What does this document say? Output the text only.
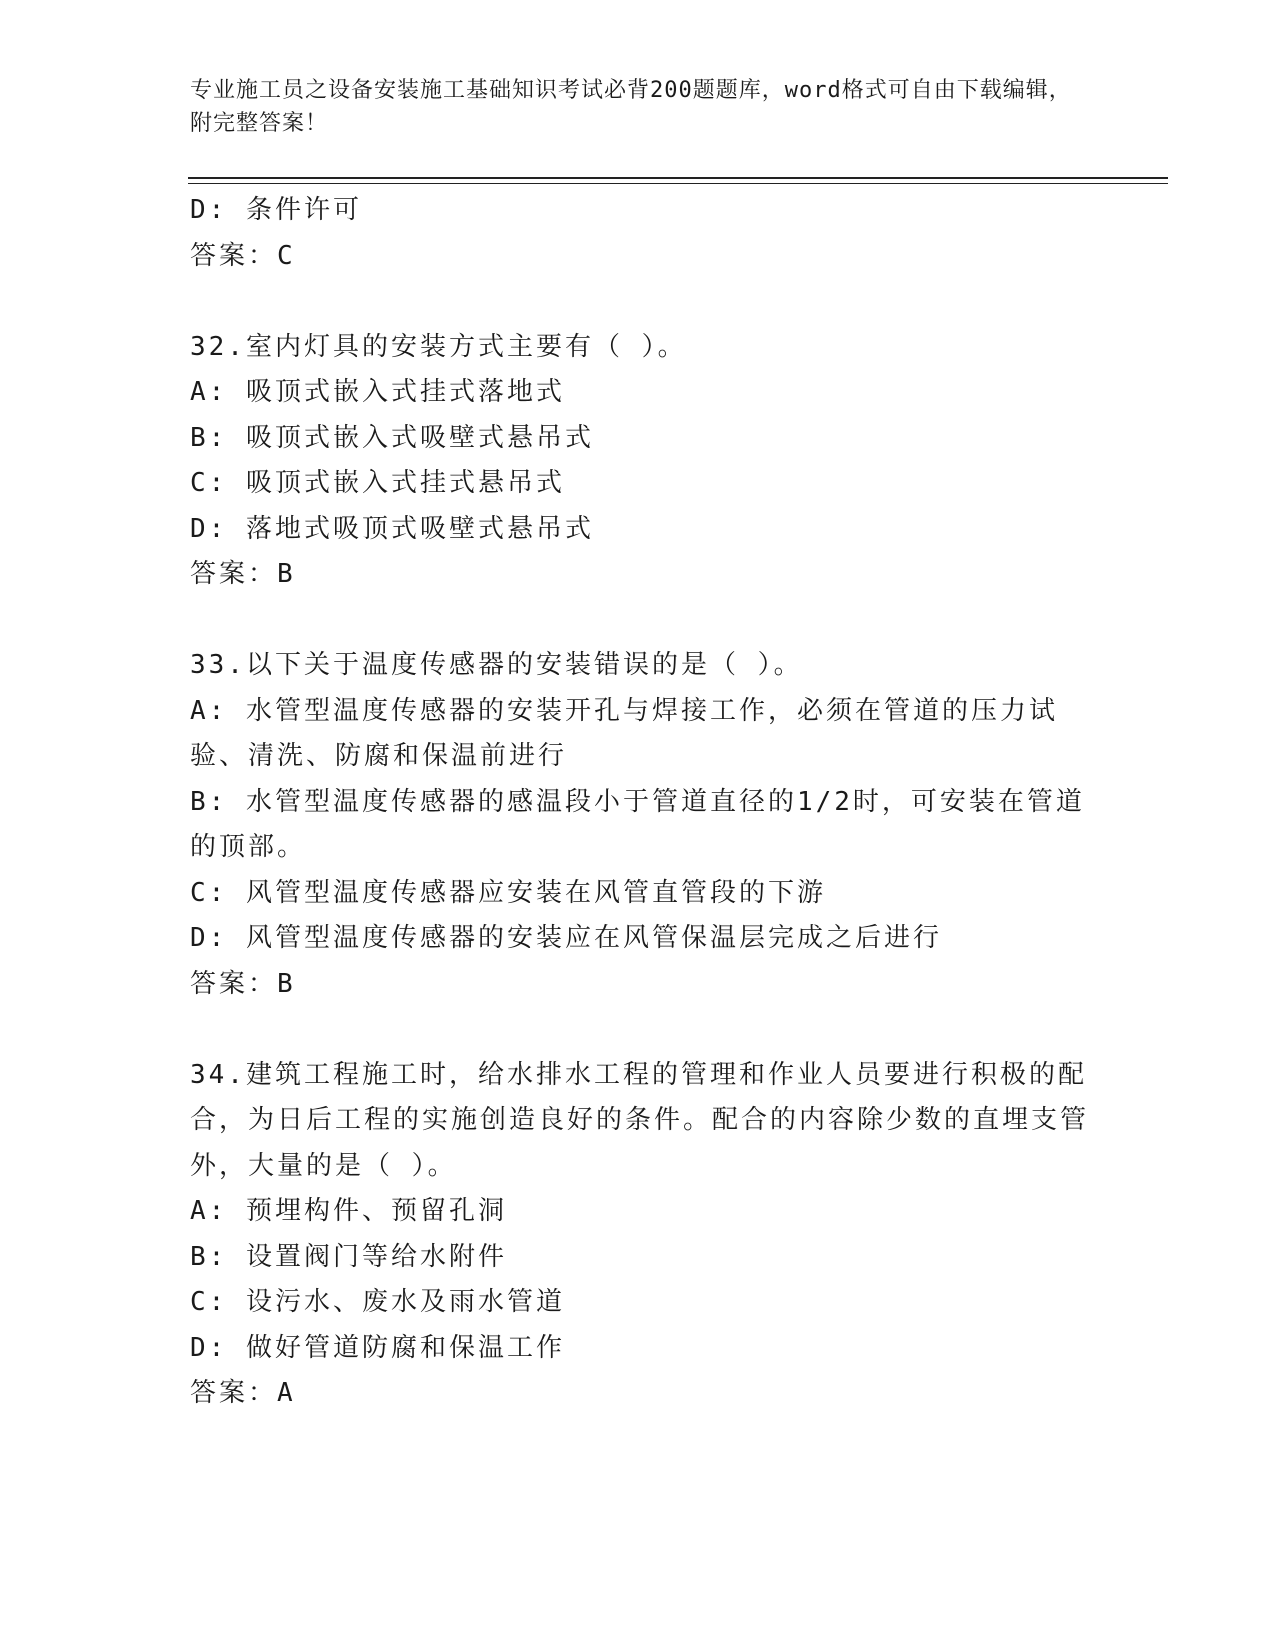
专业施工员之设备安装施工基础知识考试必背200题题库，word格式可自由下载编辑，附完整答案！
D: 条件许可
答案：C
32.室内灯具的安装方式主要有（ ）。
A: 吸顶式嵌入式挂式落地式
B: 吸顶式嵌入式吸壁式悬吊式
C: 吸顶式嵌入式挂式悬吊式
D: 落地式吸顶式吸壁式悬吊式
答案：B
33.以下关于温度传感器的安装错误的是（ ）。
A: 水管型温度传感器的安装开孔与焊接工作，必须在管道的压力试验、清洗、防腐和保温前进行
B: 水管型温度传感器的感温段小于管道直径的1/2时，可安装在管道的顶部。
C: 风管型温度传感器应安装在风管直管段的下游
D: 风管型温度传感器的安装应在风管保温层完成之后进行
答案：B
34.建筑工程施工时，给水排水工程的管理和作业人员要进行积极的配合，为日后工程的实施创造良好的条件。配合的内容除少数的直埋支管外，大量的是（ ）。
A: 预埋构件、预留孔洞
B: 设置阀门等给水附件
C: 设污水、废水及雨水管道
D: 做好管道防腐和保温工作
答案：A
